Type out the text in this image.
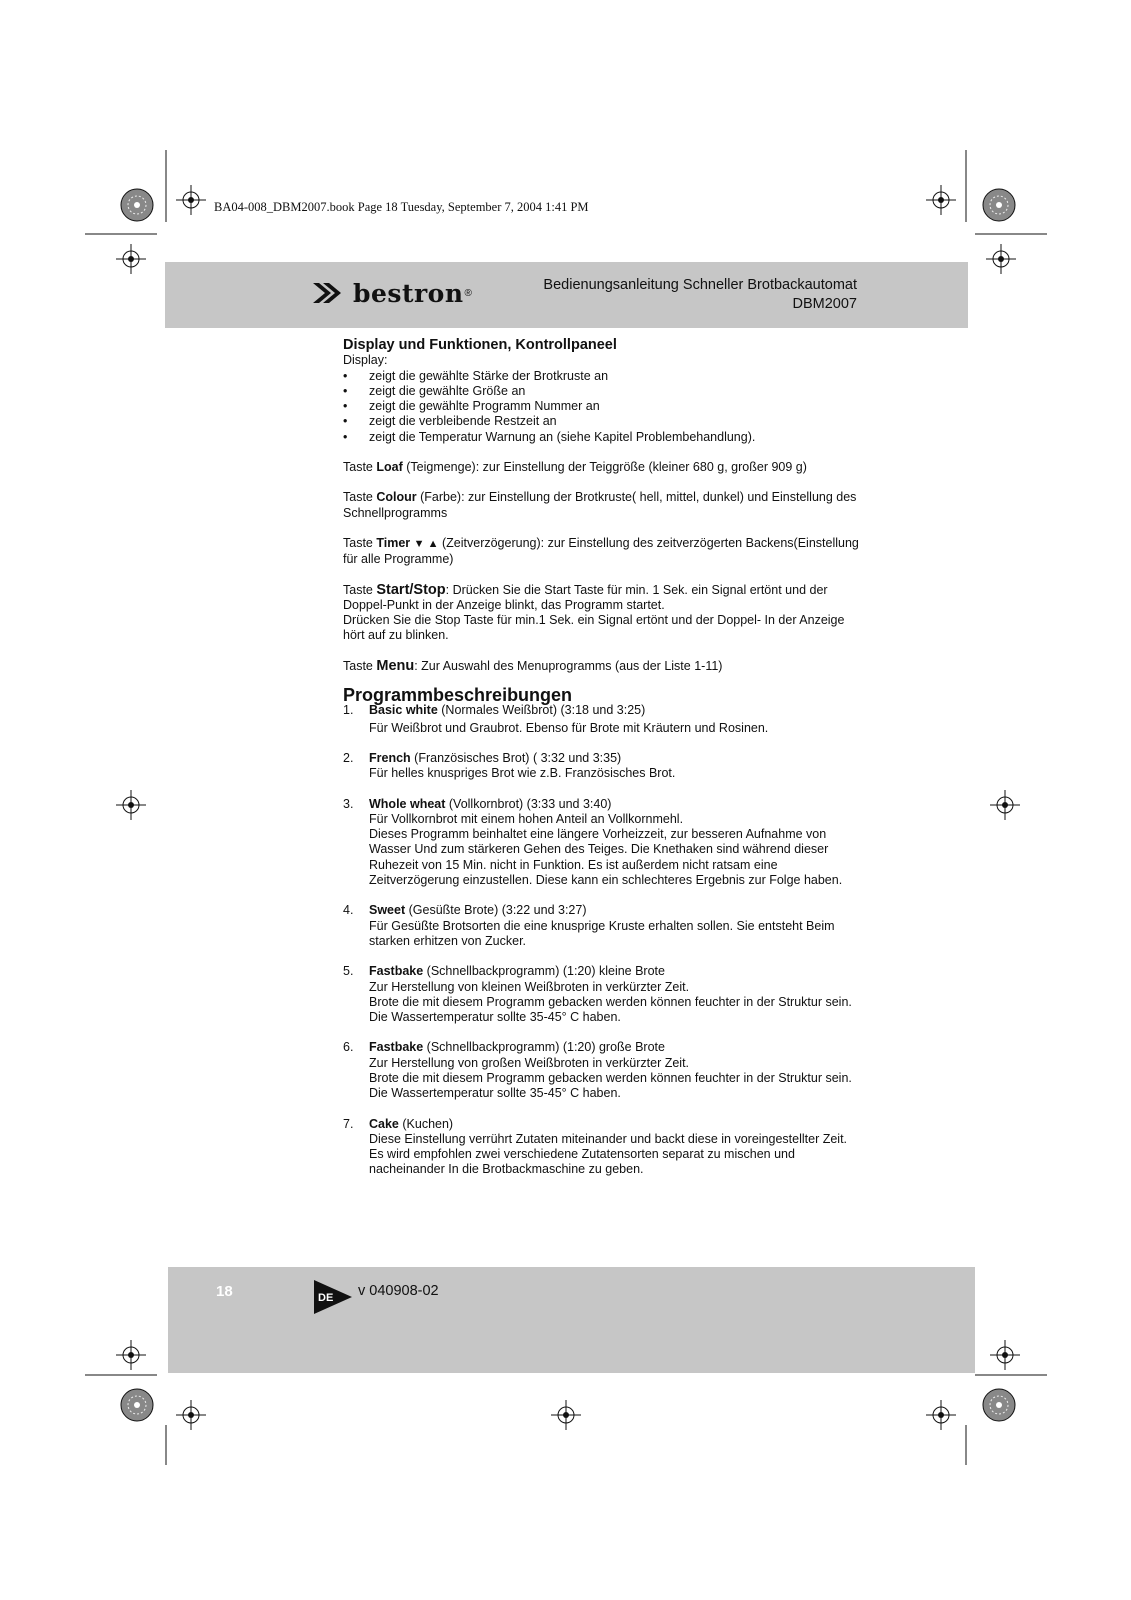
BA04-008_DBM2007.book Page 18 Tuesday, September 7, 2004 1:41 PM
bestron ®	Bedienungsanleitung Schneller Brotbackautomat
DBM2007

Display und Funktionen, Kontrollpaneel

Display:

• zeigt die gewählte Stärke der Brotkruste an
• zeigt die gewählte Größe an
• zeigt die gewählte Programm Nummer an
• zeigt die verbleibende Restzeit an
• zeigt die Temperatur Warnung an (siehe Kapitel Problembehandlung).

Taste Loaf (Teigmenge): zur Einstellung der Teiggröße (kleiner 680 g, großer 909 g)

Taste Colour (Farbe): zur Einstellung der Brotkruste( hell, mittel, dunkel) und Einstellung des Schnellprogramms

Taste Timer ▼ ▲ (Zeitverzögerung): zur Einstellung des zeitverzögerten Backens(Einstellung für alle Programme)

Taste Start/Stop: Drücken Sie die Start Taste für min. 1 Sek. ein Signal ertönt und der Doppel-Punkt in der Anzeige blinkt, das Programm startet.

Drücken Sie die Stop Taste für min.1 Sek. ein Signal ertönt und der Doppel- In der Anzeige hört auf zu blinken.

Taste Menu: Zur Auswahl des Menuprogramms (aus der Liste 1-11)

Programmbeschreibungen

1. Basic white (Normales Weißbrot) (3:18 und 3:25)
Für Weißbrot und Graubrot. Ebenso für Brote mit Kräutern und Rosinen.
2. French (Französisches Brot) ( 3:32 und 3:35)
Für helles knuspriges Brot wie z.B. Französisches Brot.
3. Whole wheat (Vollkornbrot) (3:33 und 3:40)
Für Vollkornbrot mit einem hohen Anteil an Vollkornmehl.
Dieses Programm beinhaltet eine längere Vorheizzeit, zur besseren Aufnahme von Wasser Und zum stärkeren Gehen des Teiges. Die Knethaken sind während dieser Ruhezeit von 15 Min. nicht in Funktion. Es ist außerdem nicht ratsam eine Zeitverzögerung einzustellen. Diese kann ein schlechteres Ergebnis zur Folge haben.
4. Sweet (Gesüßte Brote) (3:22 und 3:27)
Für Gesüßte Brotsorten die eine knusprige Kruste erhalten sollen. Sie entsteht Beim starken erhitzen von Zucker.
5. Fastbake (Schnellbackprogramm) (1:20) kleine Brote
Zur Herstellung von kleinen Weißbroten in verkürzter Zeit.
Brote die mit diesem Programm gebacken werden können feuchter in der Struktur sein. Die Wassertemperatur sollte 35-45° C haben.
6. Fastbake (Schnellbackprogramm) (1:20) große Brote
Zur Herstellung von großen Weißbroten in verkürzter Zeit.
Brote die mit diesem Programm gebacken werden können feuchter in der Struktur sein. Die Wassertemperatur sollte 35-45° C haben.
7. Cake (Kuchen)
Diese Einstellung verrührt Zutaten miteinander und backt diese in voreingestellter Zeit. Es wird empfohlen zwei verschiedene Zutatensorten separat zu mischen und nacheinander In die Brotbackmaschine zu geben.
18	DE v 040908-02
